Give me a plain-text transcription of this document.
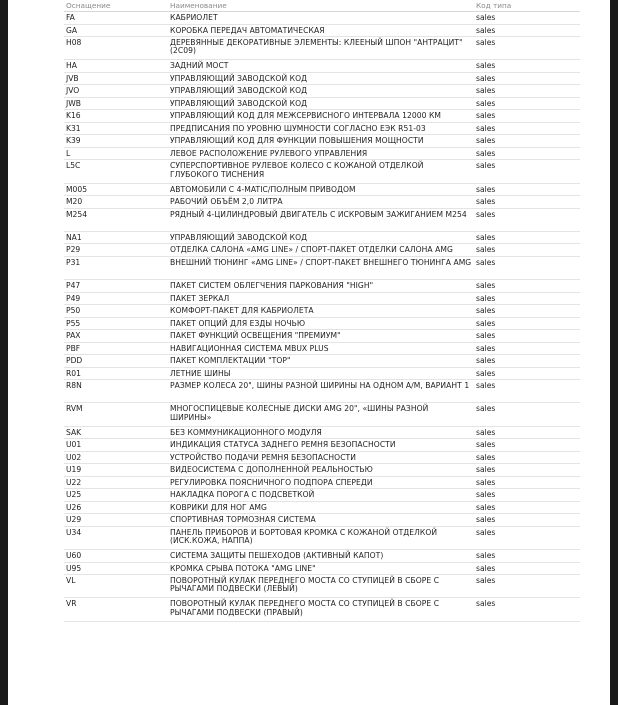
Оснащение	Наименование	Код типа
FA	КАБРИОЛЕТ	sales
GA	КОРОБКА ПЕРЕДАЧ АВТОМАТИЧЕСКАЯ	sales
H08	ДЕРЕВЯННЫЕ ДЕКОРАТИВНЫЕ ЭЛЕМЕНТЫ: КЛЕЕНЫЙ ШПОН "АНТРАЦИТ" (2С09)	sales
HA	ЗАДНИЙ МОСТ	sales
JVB	УПРАВЛЯЮЩИЙ ЗАВОДСКОЙ КОД	sales
JVO	УПРАВЛЯЮЩИЙ ЗАВОДСКОЙ КОД	sales
JWB	УПРАВЛЯЮЩИЙ ЗАВОДСКОЙ КОД	sales
K16	УПРАВЛЯЮЩИЙ КОД ДЛЯ МЕЖСЕРВИСНОГО ИНТЕРВАЛА 12000 КМ	sales
K31	ПРЕДПИСАНИЯ ПО УРОВНЮ ШУМНОСТИ СОГЛАСНО ЕЭК R51-03	sales
K39	УПРАВЛЯЮЩИЙ КОД ДЛЯ ФУНКЦИИ ПОВЫШЕНИЯ МОЩНОСТИ	sales
L	ЛЕВОЕ РАСПОЛОЖЕНИЕ РУЛЕВОГО УПРАВЛЕНИЯ	sales
L5C	СУПЕРСПОРТИВНОЕ РУЛЕВОЕ КОЛЕСО С КОЖАНОЙ ОТДЕЛКОЙ ГЛУБОКОГО ТИСНЕНИЯ	sales
M005	АВТОМОБИЛИ С 4-MATIC/ПОЛНЫМ ПРИВОДОМ	sales
M20	РАБОЧИЙ ОБЪЁМ 2,0 ЛИТРА	sales
M254	РЯДНЫЙ 4-ЦИЛИНДРОВЫЙ ДВИГАТЕЛЬ С ИСКРОВЫМ ЗАЖИГАНИЕМ M254	sales
NA1	УПРАВЛЯЮЩИЙ ЗАВОДСКОЙ КОД	sales
P29	ОТДЕЛКА САЛОНА «AMG LINE» / СПОРТ-ПАКЕТ ОТДЕЛКИ САЛОНА AMG	sales
P31	ВНЕШНИЙ ТЮНИНГ «AMG LINE» / СПОРТ-ПАКЕТ ВНЕШНЕГО ТЮНИНГА AMG	sales
P47	ПАКЕТ СИСТЕМ ОБЛЕГЧЕНИЯ ПАРКОВАНИЯ "HIGH"	sales
P49	ПАКЕТ ЗЕРКАЛ	sales
P50	КОМФОРТ-ПАКЕТ ДЛЯ КАБРИОЛЕТА	sales
P55	ПАКЕТ ОПЦИЙ ДЛЯ ЕЗДЫ НОЧЬЮ	sales
PAX	ПАКЕТ ФУНКЦИЙ ОСВЕЩЕНИЯ "ПРЕМИУМ"	sales
PBF	НАВИГАЦИОННАЯ СИСТЕМА MBUX PLUS	sales
PDD	ПАКЕТ КОМПЛЕКТАЦИИ "TOP"	sales
R01	ЛЕТНИЕ ШИНЫ	sales
R8N	РАЗМЕР КОЛЕСА 20", ШИНЫ РАЗНОЙ ШИРИНЫ НА ОДНОМ А/М, ВАРИАНТ 1	sales
RVM	МНОГОСПИЦЕВЫЕ КОЛЕСНЫЕ ДИСКИ AMG 20", «ШИНЫ РАЗНОЙ ШИРИНЫ»	sales
SAK	БЕЗ КОММУНИКАЦИОННОГО МОДУЛЯ	sales
U01	ИНДИКАЦИЯ СТАТУСА ЗАДНЕГО РЕМНЯ БЕЗОПАСНОСТИ	sales
U02	УСТРОЙСТВО ПОДАЧИ РЕМНЯ БЕЗОПАСНОСТИ	sales
U19	ВИДЕОСИСТЕМА С ДОПОЛНЕННОЙ РЕАЛЬНОСТЬЮ	sales
U22	РЕГУЛИРОВКА ПОЯСНИЧНОГО ПОДПОРА СПЕРЕДИ	sales
U25	НАКЛАДКА ПОРОГА С ПОДСВЕТКОЙ	sales
U26	КОВРИКИ ДЛЯ НОГ AMG	sales
U29	СПОРТИВНАЯ ТОРМОЗНАЯ СИСТЕМА	sales
U34	ПАНЕЛЬ ПРИБОРОВ И БОРТОВАЯ КРОМКА С КОЖАНОЙ ОТДЕЛКОЙ (ИСК.КОЖА, НАППА)	sales
U60	СИСТЕМА ЗАЩИТЫ ПЕШЕХОДОВ (АКТИВНЫЙ КАПОТ)	sales
U95	КРОМКА СРЫВА ПОТОКА "AMG LINE"	sales
VL	ПОВОРОТНЫЙ КУЛАК ПЕРЕДНЕГО МОСТА СО СТУПИЦЕЙ В СБОРЕ С РЫЧАГАМИ ПОДВЕСКИ (ЛЕВЫЙ)	sales
VR	ПОВОРОТНЫЙ КУЛАК ПЕРЕДНЕГО МОСТА СО СТУПИЦЕЙ В СБОРЕ С РЫЧАГАМИ ПОДВЕСКИ (ПРАВЫЙ)	sales
